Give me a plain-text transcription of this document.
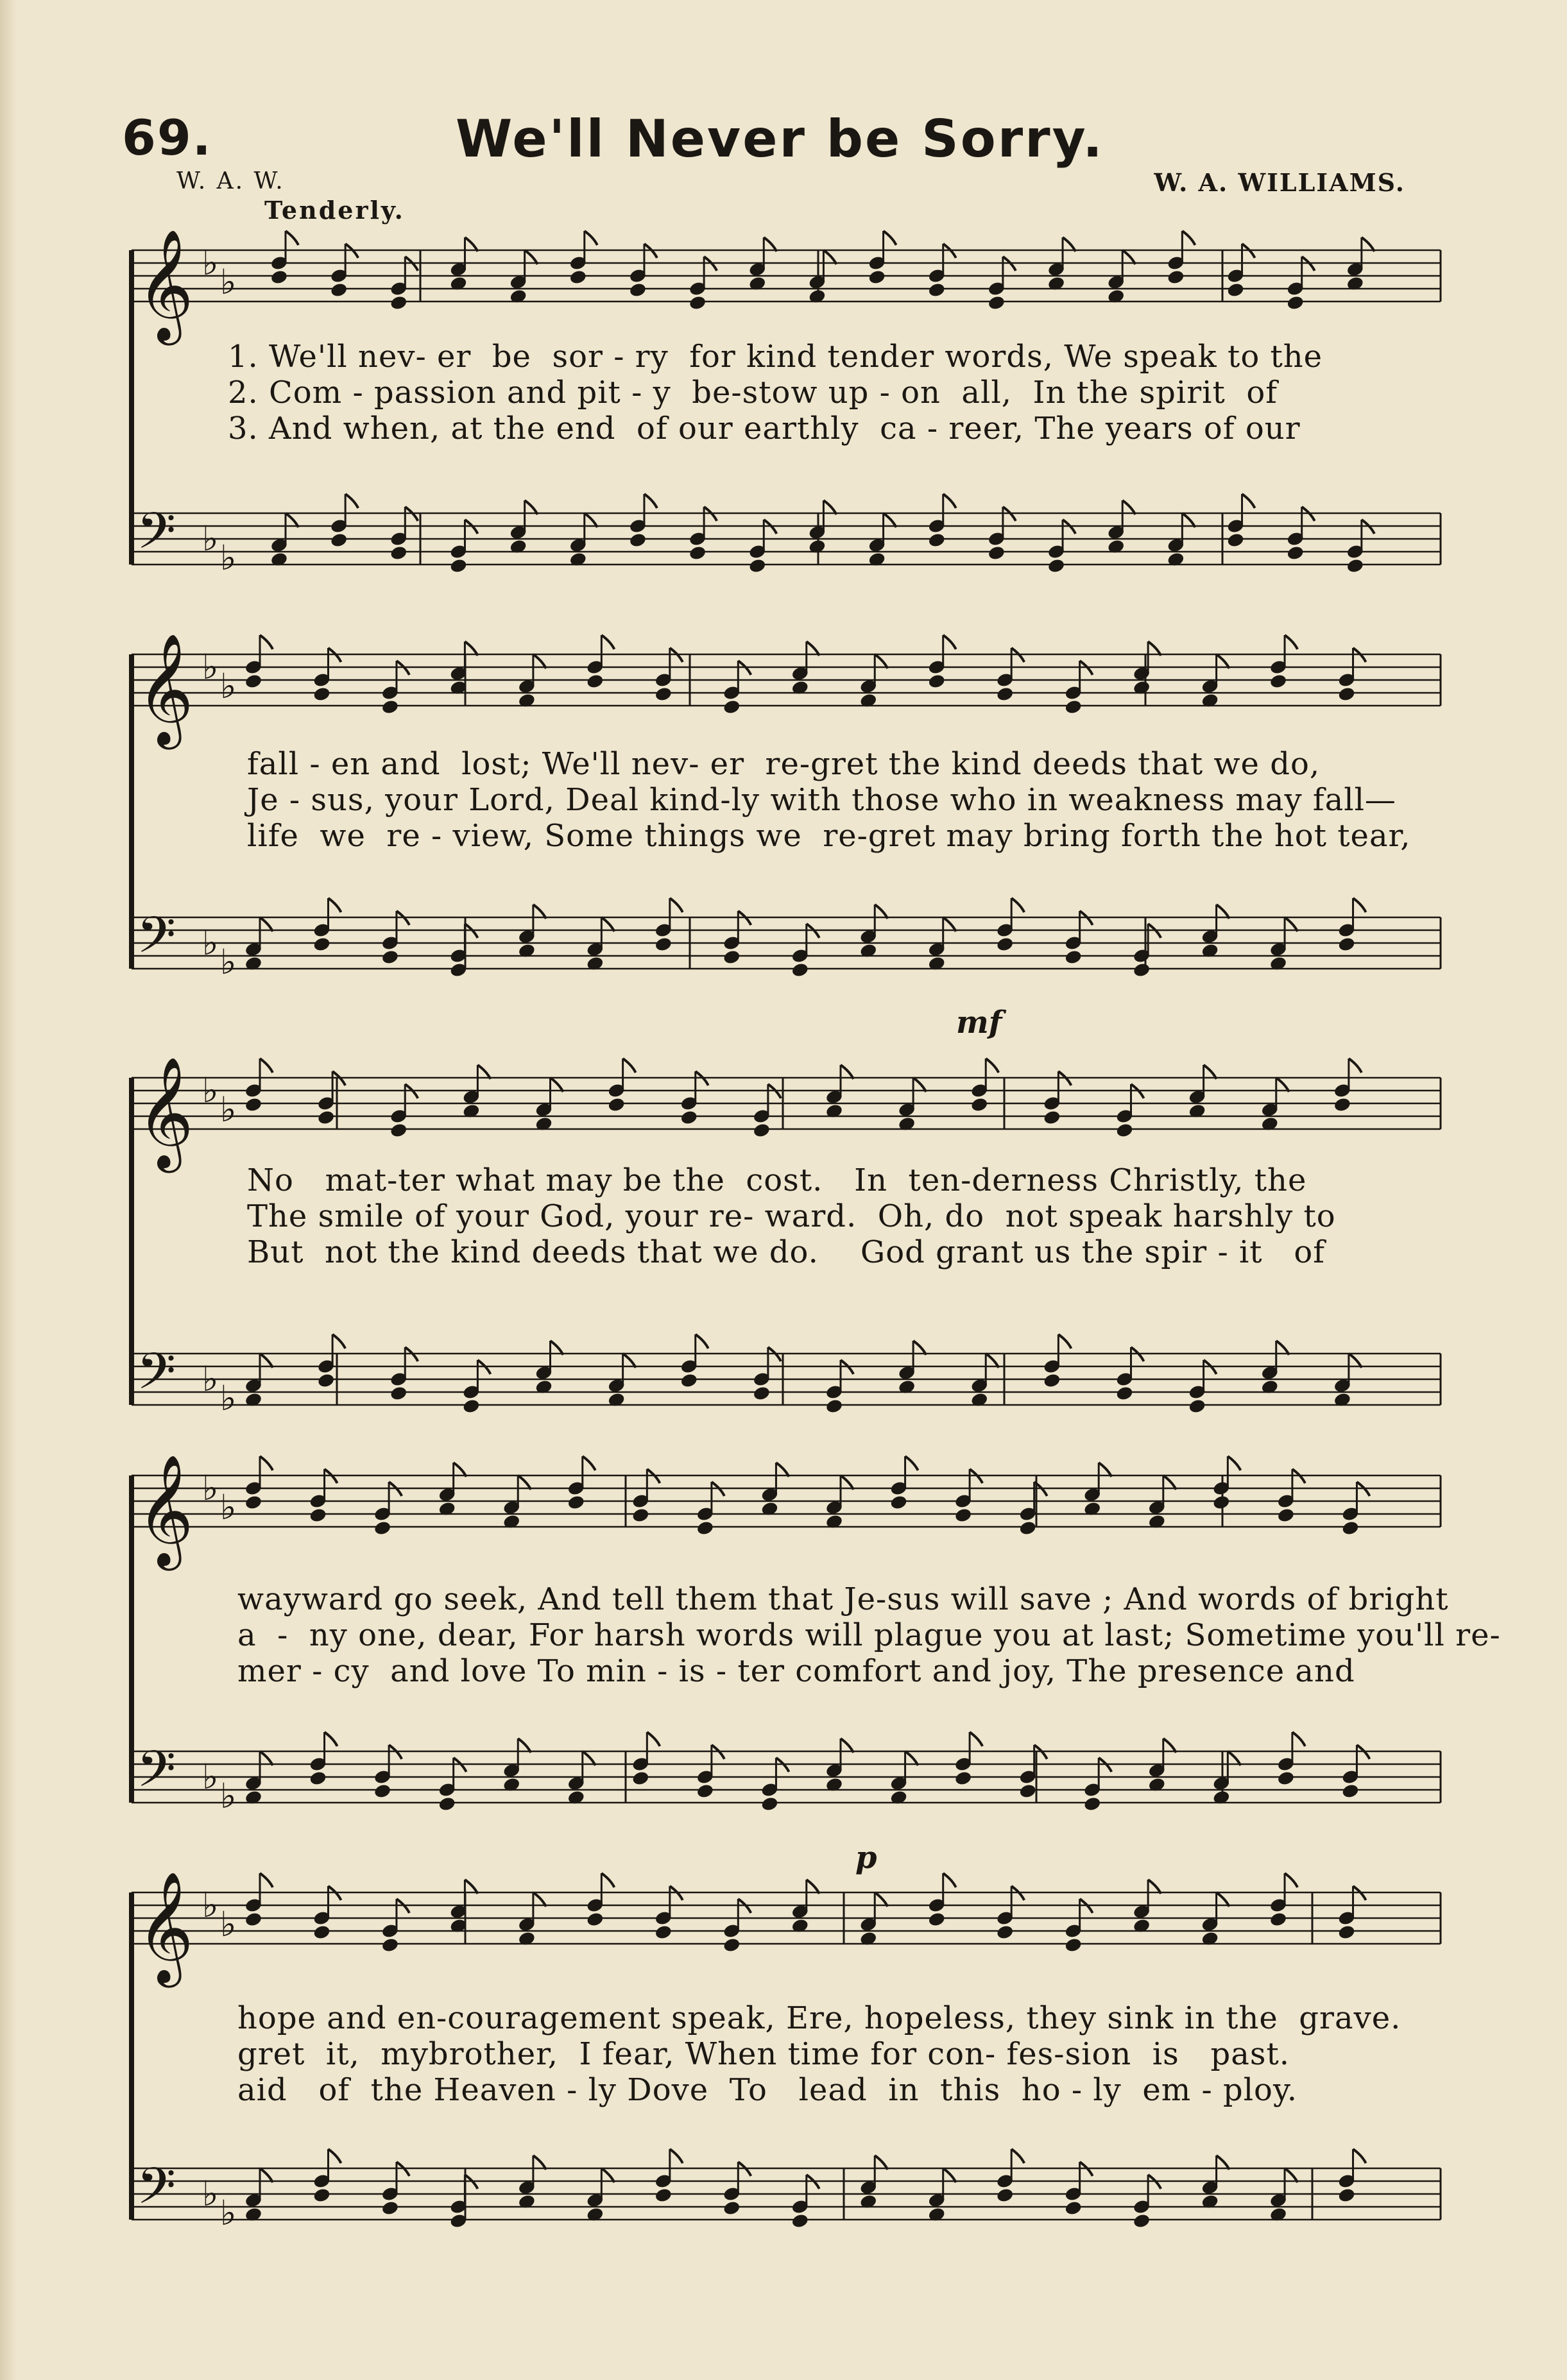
69.	We'll Never be Sorry.
W. A. W.	W. A. WILLIAMS.
Tenderly.
𝄞 ♭ ♭
𝄢 ♭ ♭
1. We'll nev- er  be  sor - ry  for kind tender words, We speak to the
2. Com - passion and pit - y  be-stow up - on  all,  In the spirit  of
3. And when, at the end  of our earthly  ca - reer, The years of our
𝄞 ♭ ♭
𝄢 ♭ ♭
fall - en and  lost; We'll nev- er  re-gret the kind deeds that we do,
Je - sus, your Lord, Deal kind-ly with those who in weakness may fall—
life  we  re - view, Some things we  re-gret may bring forth the hot tear,
𝄞 ♭ ♭
𝄢 ♭ ♭
mf
No   mat-ter what may be the  cost.   In  ten-derness Christly, the
The smile of your God, your re- ward.  Oh, do  not speak harshly to
But  not the kind deeds that we do.    God grant us the spir - it   of
𝄞 ♭ ♭
𝄢 ♭ ♭
wayward go seek, And tell them that Je-sus will save ; And words of bright
a  -  ny one, dear, For harsh words will plague you at last; Sometime you'll re-
mer - cy  and love To min - is - ter comfort and joy, The presence and
𝄞 ♭ ♭
𝄢 ♭ ♭
p
hope and en-couragement speak, Ere, hopeless, they sink in the  grave.
gret  it,  mybrother,  I fear, When time for con- fes-sion  is   past.
aid   of  the Heaven - ly Dove  To   lead  in  this  ho - ly  em - ploy.
